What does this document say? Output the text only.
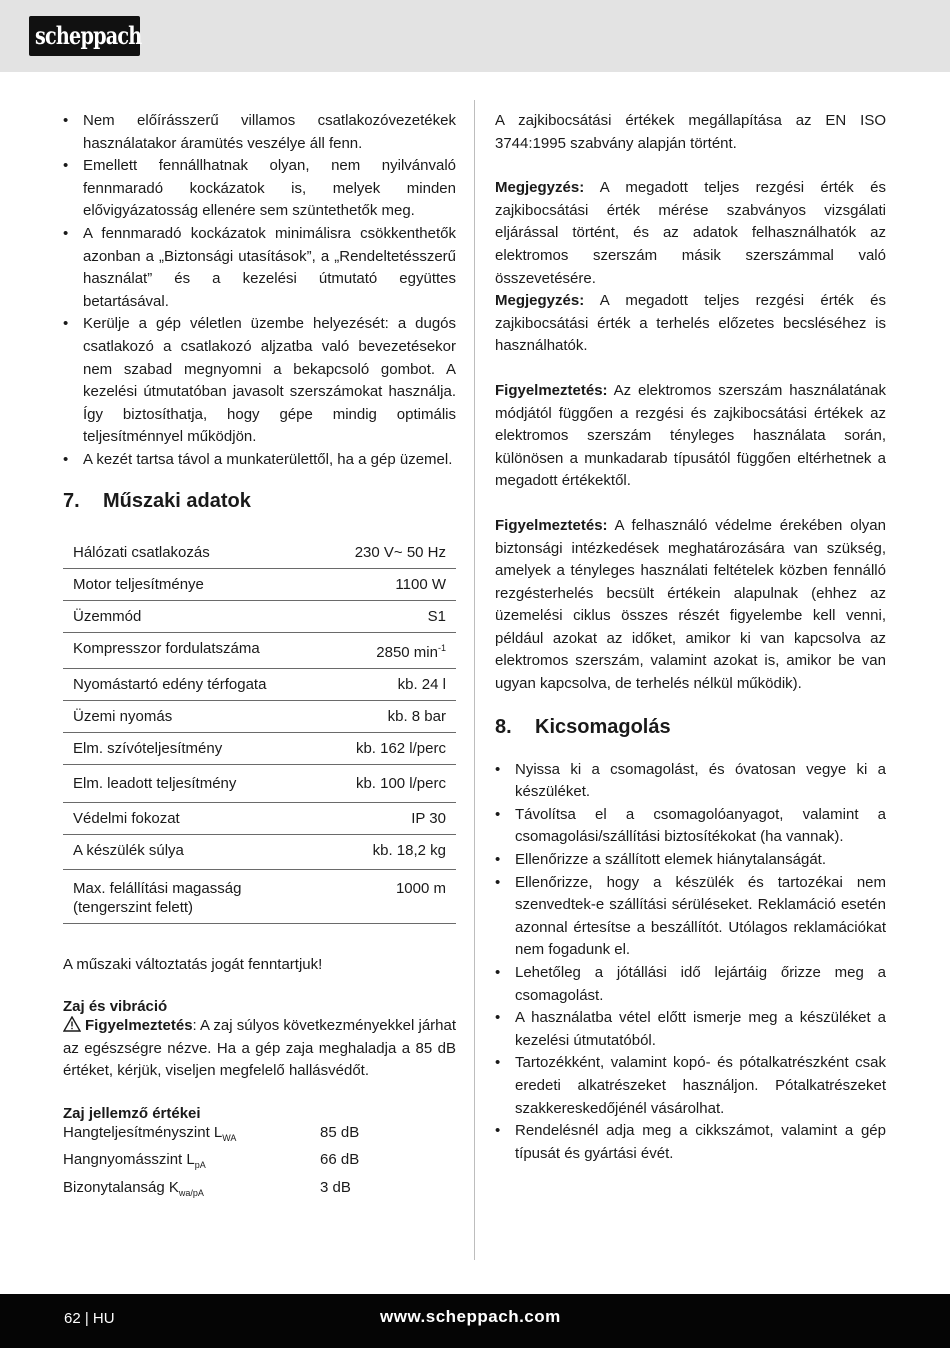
scheppach
• Nem előírásszerű villamos csatlakozóvezetékek használatakor áramütés veszélye áll fenn.
• Emellett fennállhatnak olyan, nem nyilvánvaló fennmaradó kockázatok is, melyek minden elővigyázatosság ellenére sem szüntethetők meg.
• A fennmaradó kockázatok minimálisra csökkenthetők azonban a „Biztonsági utasítások”, a „Rendeltetésszerű használat” és a kezelési útmutató együttes betartásával.
• Kerülje a gép véletlen üzembe helyezését: a dugós csatlakozó a csatlakozó aljzatba való bevezetésekor nem szabad megnyomni a bekapcsoló gombot. A kezelési útmutatóban javasolt szerszámokat használja. Így biztosíthatja, hogy gépe mindig optimális teljesítménnyel működjön.
• A kezét tartsa távol a munkaterülettől, ha a gép üzemel.
7.	Műszaki adatok
Hálózati csatlakozás	230 V~ 50 Hz
Motor teljesítménye	1100 W
Üzemmód	S1
Kompresszor fordulatszáma	2850 $\min^{-1}$
Nyomástartó edény térfogata	kb. 24 l
Üzemi nyomás	kb. 8 bar
Elm. szívóteljesítmény	kb. 162 l/perc
Elm. leadott teljesítmény	kb. 100 l/perc
Védelmi fokozat	IP 30
A készülék súlya	kb. 18,2 kg
Max. felállítási magasság (tengerszint felett)	1000 m

A műszaki változtatás jogát fenntartjuk!

Zaj és vibráció

Figyelmeztetés: A zaj súlyos következményekkel járhat az egészségre nézve. Ha a gép zaja meghaladja a 85 dB értéket, kérjük, viseljen megfelelő hallásvédőt.

Zaj jellemző értékei

Hangteljesítményszint $L_{WA}$	85 dB
Hangnyomásszint $L_{pA}$	66 dB
Bizonytalanság $K_{wa/pA}$	3 dB

A zajkibocsátási értékek megállapítása az EN ISO 3744:1995 szabvány alapján történt.

Megjegyzés: A megadott teljes rezgési érték és zajkibocsátási érték mérése szabványos vizsgálati eljárással történt, és az adatok felhasználhatók az elektromos szerszám másik szerszámmal való összevetésére.

Megjegyzés: A megadott teljes rezgési érték és zajkibocsátási érték a terhelés előzetes becsléséhez is használhatók.

Figyelmeztetés: Az elektromos szerszám használatának módjától függően a rezgési és zajkibocsátási értékek az elektromos szerszám tényleges használata során, különösen a munkadarab típusától függően eltérhetnek a megadott értékektől.

Figyelmeztetés: A felhasználó védelme érekében olyan biztonsági intézkedések meghatározására van szükség, amelyek a tényleges használati feltételek közben fennálló rezgésterhelés becsült értékein alapulnak (ehhez az üzemelési ciklus összes részét figyelembe kell venni, például azokat az időket, amikor ki van kapcsolva az elektromos szerszám, valamint azokat is, amikor be van ugyan kapcsolva, de terhelés nélkül működik).

8.	Kicsomagolás
• Nyissa ki a csomagolást, és óvatosan vegye ki a készüléket.
• Távolítsa el a csomagolóanyagot, valamint a csomagolási/szállítási biztosítékokat (ha vannak).
• Ellenőrizze a szállított elemek hiánytalanságát.
• Ellenőrizze, hogy a készülék és tartozékai nem szenvedtek-e szállítási sérüléseket. Reklamáció esetén azonnal értesítse a beszállítót. Utólagos reklamációkat nem fogadunk el.
• Lehetőleg a jótállási idő lejártáig őrizze meg a csomagolást.
• A használatba vétel előtt ismerje meg a készüléket a kezelési útmutatóból.
• Tartozékként, valamint kopó- és pótalkatrészként csak eredeti alkatrészeket használjon. Pótalkatrészeket szakkereskedőjénél vásárolhat.
• Rendelésnél adja meg a cikkszámot, valamint a gép típusát és gyártási évét.
62 | HU	www.scheppach.com
